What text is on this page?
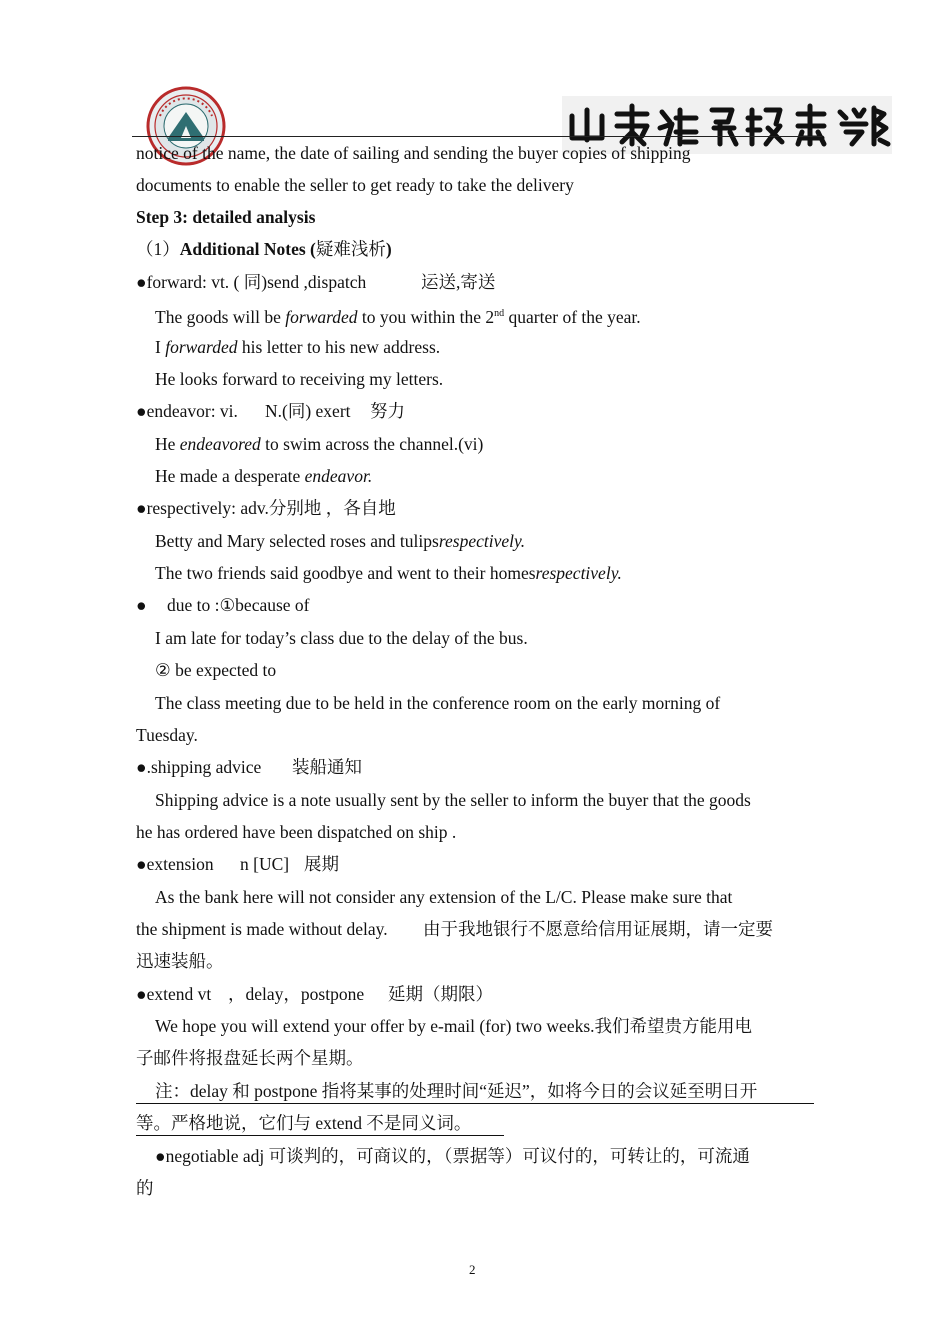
notice of the name, the date of sailing and sending the buyer copies of shipping
documents to enable the seller to get ready to take the delivery
Step 3: detailed analysis
（1）Additional Notes (疑难浅析)
●forward: vt. ( 同)send ,dispatch	运送,寄送
The goods will be forwarded to you within the 2nd quarter of the year.
I forwarded his letter to his new address.
He looks forward to receiving my letters.
●endeavor: vi. N.(同) exert 努力
He endeavored to swim across the channel.(vi)
He made a desperate endeavor.
●respectively: adv.分别地 ，各自地
Betty and Mary selected roses and tulipsrespectively.
The two friends said goodbye and went to their homesrespectively.
● due to :①because of
I am late for today’s class due to the delay of the bus.
② be expected to
The class meeting due to be held in the conference room on the early morning of
Tuesday.
●.shipping advice 装船通知
Shipping advice is a note usually sent by the seller to inform the buyer that the goods
he has ordered have been dispatched on ship .
●extension n [UC] 展期
As the bank here will not consider any extension of the L/C. Please make sure that
the shipment is made without delay. 由于我地银行不愿意给信用证展期，请一定要
迅速装船。
●extend vt ，delay，postpone 延期（期限）
We hope you will extend your offer by e-mail (for) two weeks.我们希望贵方能用电
子邮件将报盘延长两个星期。
注：delay 和 postpone 指将某事的处理时间“延迟”，如将今日的会议延至明日开
等。严格地说，它们与 extend 不是同义词。
●negotiable adj 可谈判的，可商议的，（票据等）可议付的，可转让的，可流通
的
2
